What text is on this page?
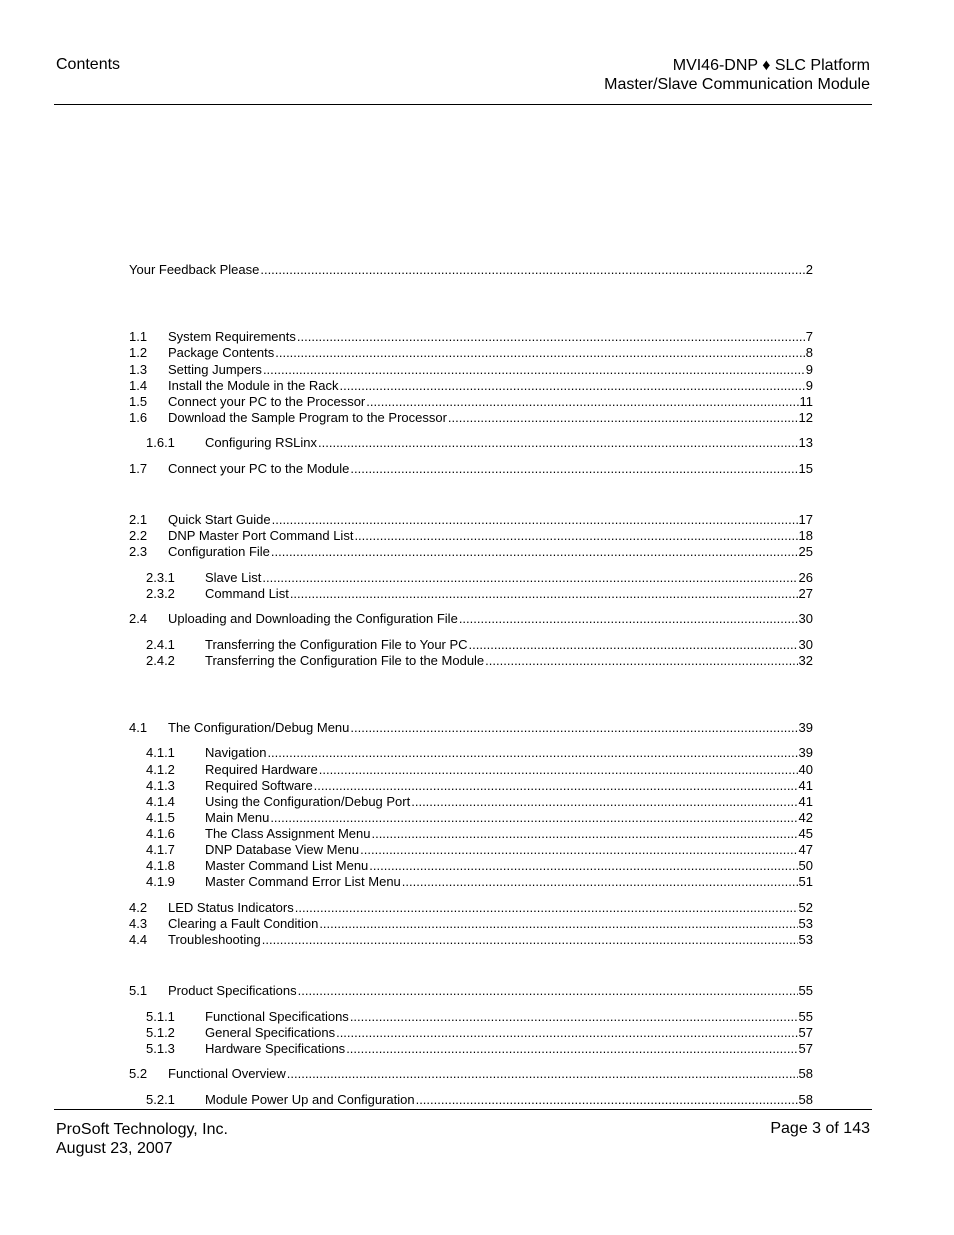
Contents	MVI46-DNP ♦ SLC Platform
Master/Slave Communication Module
Your Feedback Please .....	2
1.1	System Requirements .....	7
1.2	Package Contents .....	8
1.3	Setting Jumpers .....	9
1.4	Install the Module in the Rack .....	9
1.5	Connect your PC to the Processor .....	11
1.6	Download the Sample Program to the Processor .....	12
1.6.1	Configuring RSLinx .....	13
1.7	Connect your PC to the Module .....	15
2.1	Quick Start Guide .....	17
2.2	DNP Master Port Command List .....	18
2.3	Configuration File .....	25
2.3.1	Slave List .....	26
2.3.2	Command List .....	27
2.4	Uploading and Downloading the Configuration File .....	30
2.4.1	Transferring the Configuration File to Your PC .....	30
2.4.2	Transferring the Configuration File to the Module .....	32
4.1	The Configuration/Debug Menu .....	39
4.1.1	Navigation .....	39
4.1.2	Required Hardware .....	40
4.1.3	Required Software .....	41
4.1.4	Using the Configuration/Debug Port .....	41
4.1.5	Main Menu .....	42
4.1.6	The Class Assignment Menu .....	45
4.1.7	DNP Database View Menu .....	47
4.1.8	Master Command List Menu .....	50
4.1.9	Master Command Error List Menu .....	51
4.2	LED Status Indicators .....	52
4.3	Clearing a Fault Condition .....	53
4.4	Troubleshooting .....	53
5.1	Product Specifications .....	55
5.1.1	Functional Specifications .....	55
5.1.2	General Specifications .....	57
5.1.3	Hardware Specifications .....	57
5.2	Functional Overview .....	58
5.2.1	Module Power Up and Configuration .....	58
ProSoft Technology, Inc.
August 23, 2007
Page 3 of 143
